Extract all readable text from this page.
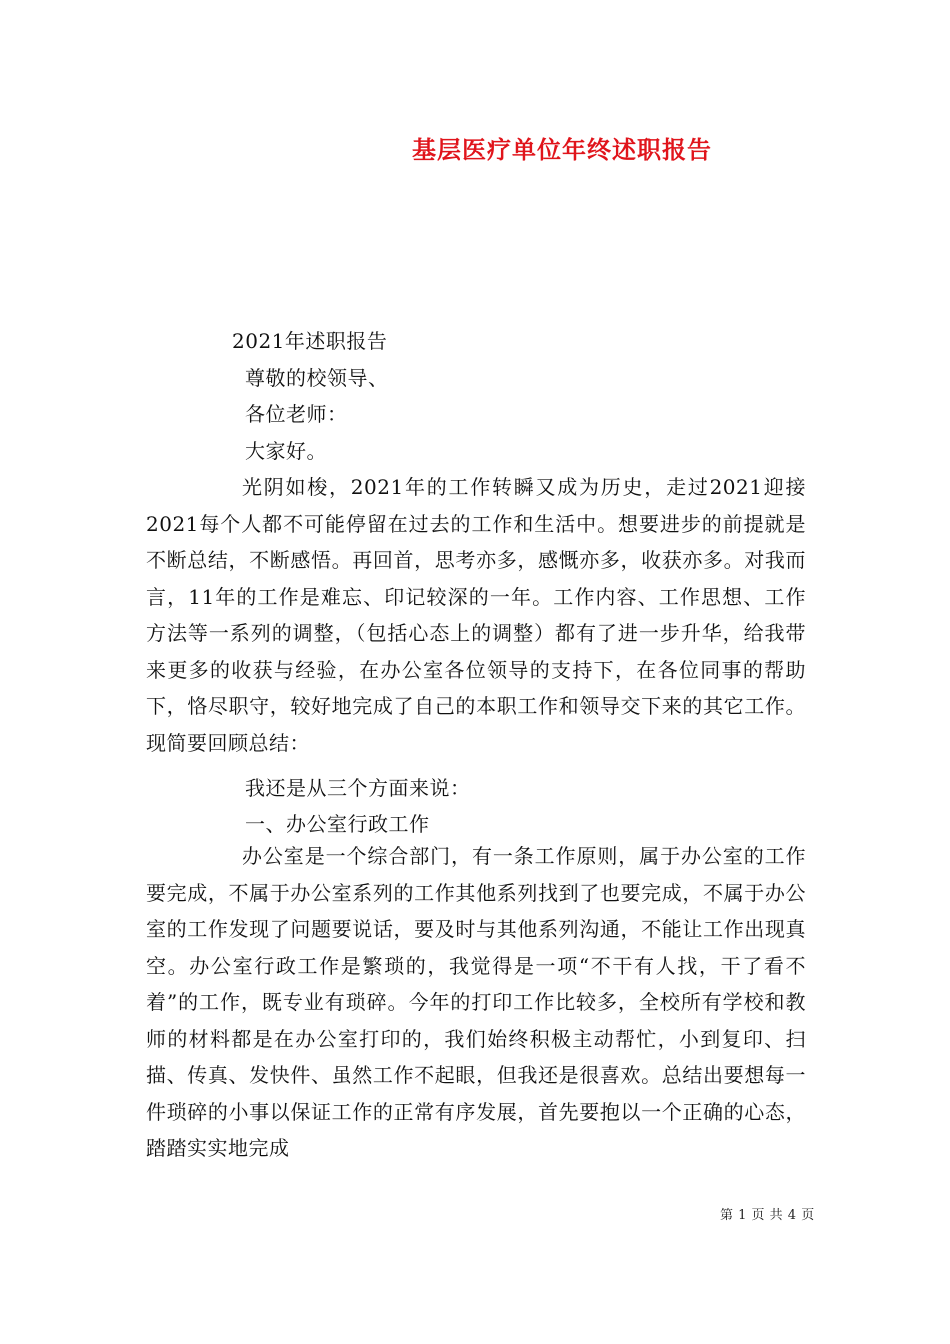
基层医疗单位年终述职报告
2021年述职报告
尊敬的校领导、
各位老师：
大家好。
光阴如梭，2021年的工作转瞬又成为历史，走过2021迎接2021每个人都不可能停留在过去的工作和生活中。想要进步的前提就是不断总结，不断感悟。再回首，思考亦多，感慨亦多，收获亦多。对我而言，11年的工作是难忘、印记较深的一年。工作内容、工作思想、工作方法等一系列的调整，（包括心态上的调整）都有了进一步升华，给我带来更多的收获与经验，在办公室各位领导的支持下，在各位同事的帮助下，恪尽职守，较好地完成了自己的本职工作和领导交下来的其它工作。现简要回顾总结：
我还是从三个方面来说：
一、办公室行政工作
办公室是一个综合部门，有一条工作原则，属于办公室的工作要完成，不属于办公室系列的工作其他系列找到了也要完成，不属于办公室的工作发现了问题要说话，要及时与其他系列沟通，不能让工作出现真空。办公室行政工作是繁琐的，我觉得是一项“不干有人找，干了看不着”的工作，既专业有琐碎。今年的打印工作比较多，全校所有学校和教师的材料都是在办公室打印的，我们始终积极主动帮忙，小到复印、扫描、传真、发快件、虽然工作不起眼，但我还是很喜欢。总结出要想每一件琐碎的小事以保证工作的正常有序发展，首先要抱以一个正确的心态，踏踏实实地完成
第 1 页 共 4 页
